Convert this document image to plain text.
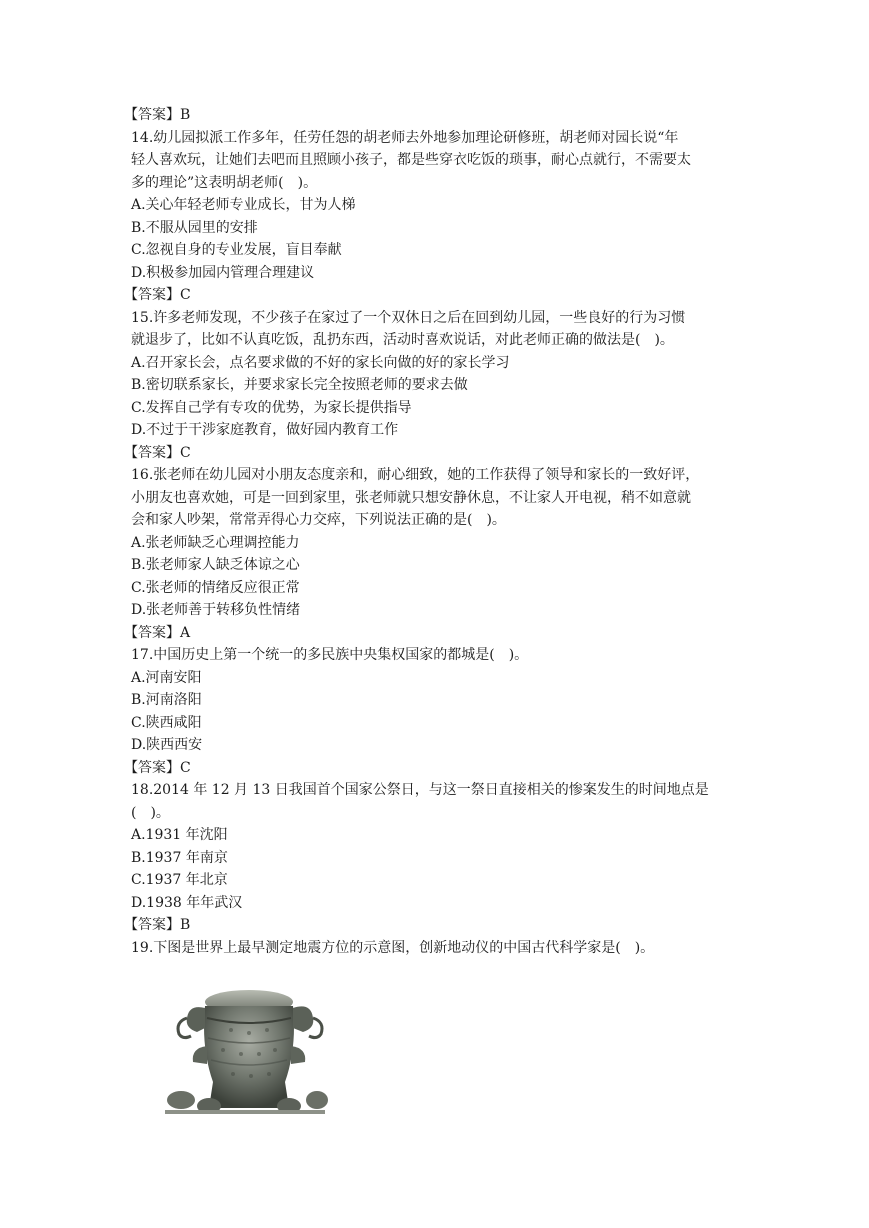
【答案】B
14.幼儿园拟派工作多年，任劳任怨的胡老师去外地参加理论研修班，胡老师对园长说“年
轻人喜欢玩，让她们去吧而且照顾小孩子，都是些穿衣吃饭的琐事，耐心点就行，不需要太
多的理论”这表明胡老师(　)。
A.关心年轻老师专业成长，甘为人梯
B.不服从园里的安排
C.忽视自身的专业发展，盲目奉献
D.积极参加园内管理合理建议
【答案】C
15.许多老师发现，不少孩子在家过了一个双休日之后在回到幼儿园，一些良好的行为习惯
就退步了，比如不认真吃饭，乱扔东西，活动时喜欢说话，对此老师正确的做法是(　)。
A.召开家长会，点名要求做的不好的家长向做的好的家长学习
B.密切联系家长，并要求家长完全按照老师的要求去做
C.发挥自己学有专攻的优势，为家长提供指导
D.不过于干涉家庭教育，做好园内教育工作
【答案】C
16.张老师在幼儿园对小朋友态度亲和，耐心细致，她的工作获得了领导和家长的一致好评，
小朋友也喜欢她，可是一回到家里，张老师就只想安静休息，不让家人开电视，稍不如意就
会和家人吵架，常常弄得心力交瘁，下列说法正确的是(　)。
A.张老师缺乏心理调控能力
B.张老师家人缺乏体谅之心
C.张老师的情绪反应很正常
D.张老师善于转移负性情绪
【答案】A
17.中国历史上第一个统一的多民族中央集权国家的都城是(　)。
A.河南安阳
B.河南洛阳
C.陕西咸阳
D.陕西西安
【答案】C
18.2014 年 12 月 13 日我国首个国家公祭日，与这一祭日直接相关的惨案发生的时间地点是
(　)。
A.1931 年沈阳
B.1937 年南京
C.1937 年北京
D.1938 年年武汉
【答案】B
19.下图是世界上最早测定地震方位的示意图，创新地动仪的中国古代科学家是(　)。
